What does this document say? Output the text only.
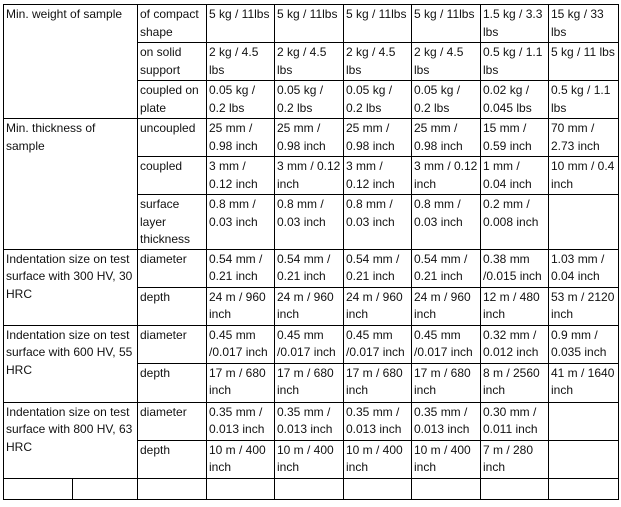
Min. weight of sample		of compact shape	5 kg / 11lbs	5 kg / 11lbs	5 kg / 11lbs	5 kg / 11lbs	1.5 kg / 3.3 lbs	15 kg / 33 lbs
		on solid support	2 kg / 4.5 lbs	2 kg / 4.5 lbs	2 kg / 4.5 lbs	2 kg / 4.5 lbs	0.5 kg / 1.1 lbs	5 kg / 11 lbs
		coupled on plate	0.05 kg / 0.2 lbs	0.05 kg / 0.2 lbs	0.05 kg / 0.2 lbs	0.05 kg / 0.2 lbs	0.02 kg / 0.045 lbs	0.5 kg / 1.1 lbs
Min. thickness of sample		uncoupled	25 mm / 0.98 inch	25 mm / 0.98 inch	25 mm / 0.98 inch	25 mm / 0.98 inch	15 mm / 0.59 inch	70 mm / 2.73 inch
		coupled	3 mm / 0.12 inch	3 mm / 0.12 inch	3 mm / 0.12 inch	3 mm / 0.12 inch	1 mm / 0.04 inch	10 mm / 0.4 inch
		surface layer thickness	0.8 mm / 0.03 inch	0.8 mm / 0.03 inch	0.8 mm / 0.03 inch	0.8 mm / 0.03 inch	0.2 mm / 0.008 inch	
Indentation size on test surface with 300 HV, 30 HRC		diameter	0.54 mm / 0.21 inch	0.54 mm / 0.21 inch	0.54 mm / 0.21 inch	0.54 mm / 0.21 inch	0.38 mm /0.015 inch	1.03 mm / 0.04 inch
		depth	24 m / 960 inch	24 m / 960 inch	24 m / 960 inch	24 m / 960 inch	12 m / 480 inch	53 m / 2120 inch
Indentation size on test surface with 600 HV, 55 HRC		diameter	0.45 mm /0.017 inch	0.45 mm /0.017 inch	0.45 mm /0.017 inch	0.45 mm /0.017 inch	0.32 mm / 0.012 inch	0.9 mm / 0.035 inch
		depth	17 m / 680 inch	17 m / 680 inch	17 m / 680 inch	17 m / 680 inch	8 m / 2560 inch	41 m / 1640 inch
Indentation size on test surface with 800 HV, 63 HRC		diameter	0.35 mm / 0.013 inch	0.35 mm / 0.013 inch	0.35 mm / 0.013 inch	0.35 mm / 0.013 inch	0.30 mm / 0.011 inch	
		depth	10 m / 400 inch	10 m / 400 inch	10 m / 400 inch	10 m / 400 inch	7 m / 280 inch	
